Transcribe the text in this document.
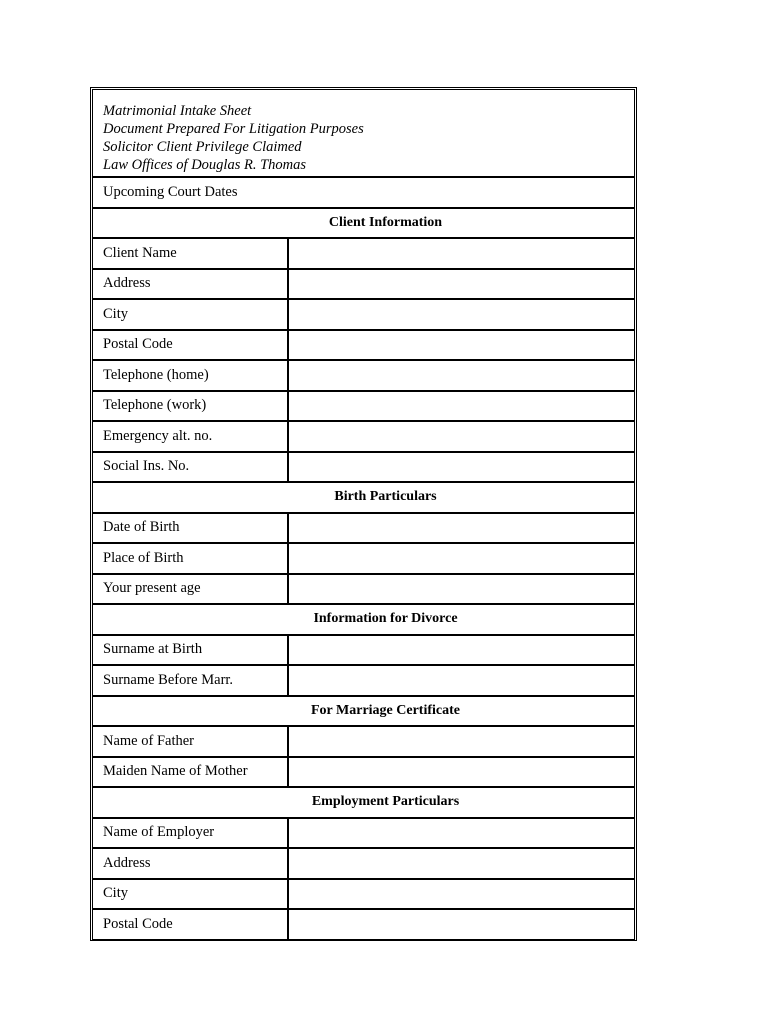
Matrimonial Intake Sheet
Document Prepared For Litigation Purposes
Solicitor Client Privilege Claimed
Law Offices of Douglas R. Thomas
Upcoming Court Dates
Client Information
Client Name
Address
City
Postal Code
Telephone (home)
Telephone (work)
Emergency alt. no.
Social Ins. No.
Birth Particulars
Date of Birth
Place of Birth
Your present age
Information for Divorce
Surname at Birth
Surname Before Marr.
For Marriage Certificate
Name of Father
Maiden Name of Mother
Employment Particulars
Name of Employer
Address
City
Postal Code
